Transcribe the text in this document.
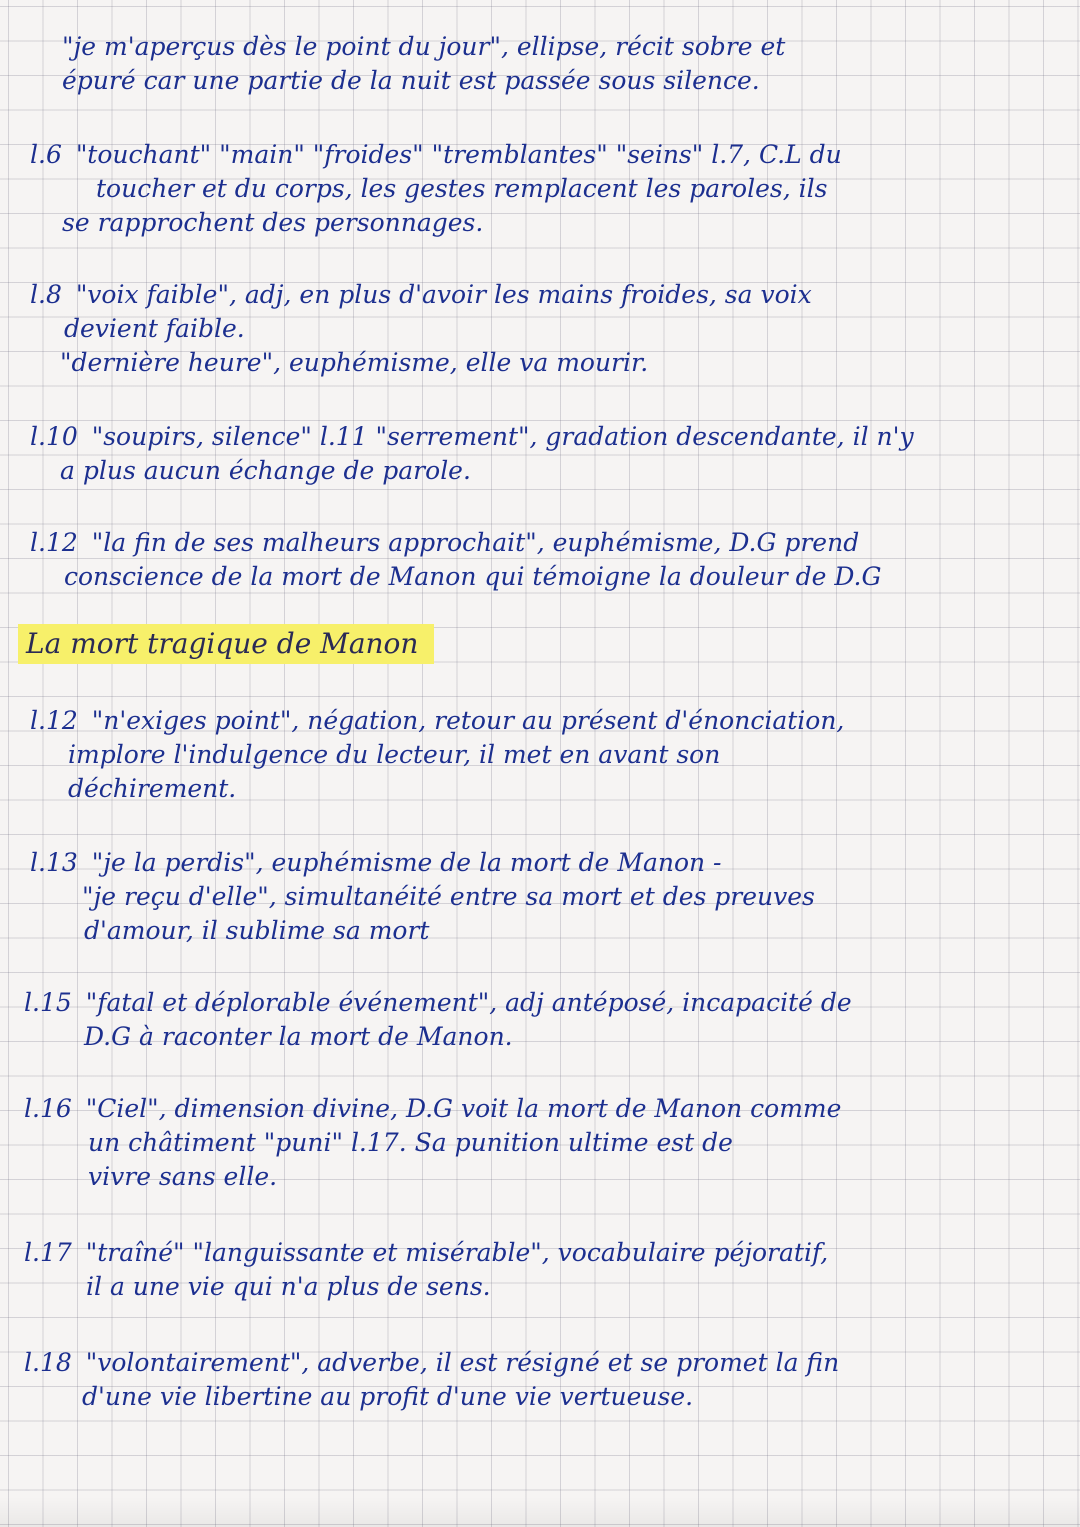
"je m'aperçus dès le point du jour", ellipse, récit sobre et
épuré car une partie de la nuit est passée sous silence.
l.6 "touchant" "main" "froides" "tremblantes" "seins" l.7, C.L du
toucher et du corps, les gestes remplacent les paroles, ils
se rapprochent des personnages.
l.8 "voix faible", adj, en plus d'avoir les mains froides, sa voix
devient faible.
"dernière heure", euphémisme, elle va mourir.
l.10 "soupirs, silence" l.11 "serrement", gradation descendante, il n'y
a plus aucun échange de parole.
l.12 "la fin de ses malheurs approchait", euphémisme, D.G prend
conscience de la mort de Manon qui témoigne la douleur de D.G
La mort tragique de Manon
l.12 "n'exiges point", négation, retour au présent d'énonciation,
implore l'indulgence du lecteur, il met en avant son
déchirement.
l.13 "je la perdis", euphémisme de la mort de Manon -
"je reçu d'elle", simultanéité entre sa mort et des preuves
d'amour, il sublime sa mort
l.15 "fatal et déplorable événement", adj antéposé, incapacité de
D.G à raconter la mort de Manon.
l.16 "Ciel", dimension divine, D.G voit la mort de Manon comme
un châtiment "puni" l.17. Sa punition ultime est de
vivre sans elle.
l.17 "traîné" "languissante et misérable", vocabulaire péjoratif,
il a une vie qui n'a plus de sens.
l.18 "volontairement", adverbe, il est résigné et se promet la fin
d'une vie libertine au profit d'une vie vertueuse.
